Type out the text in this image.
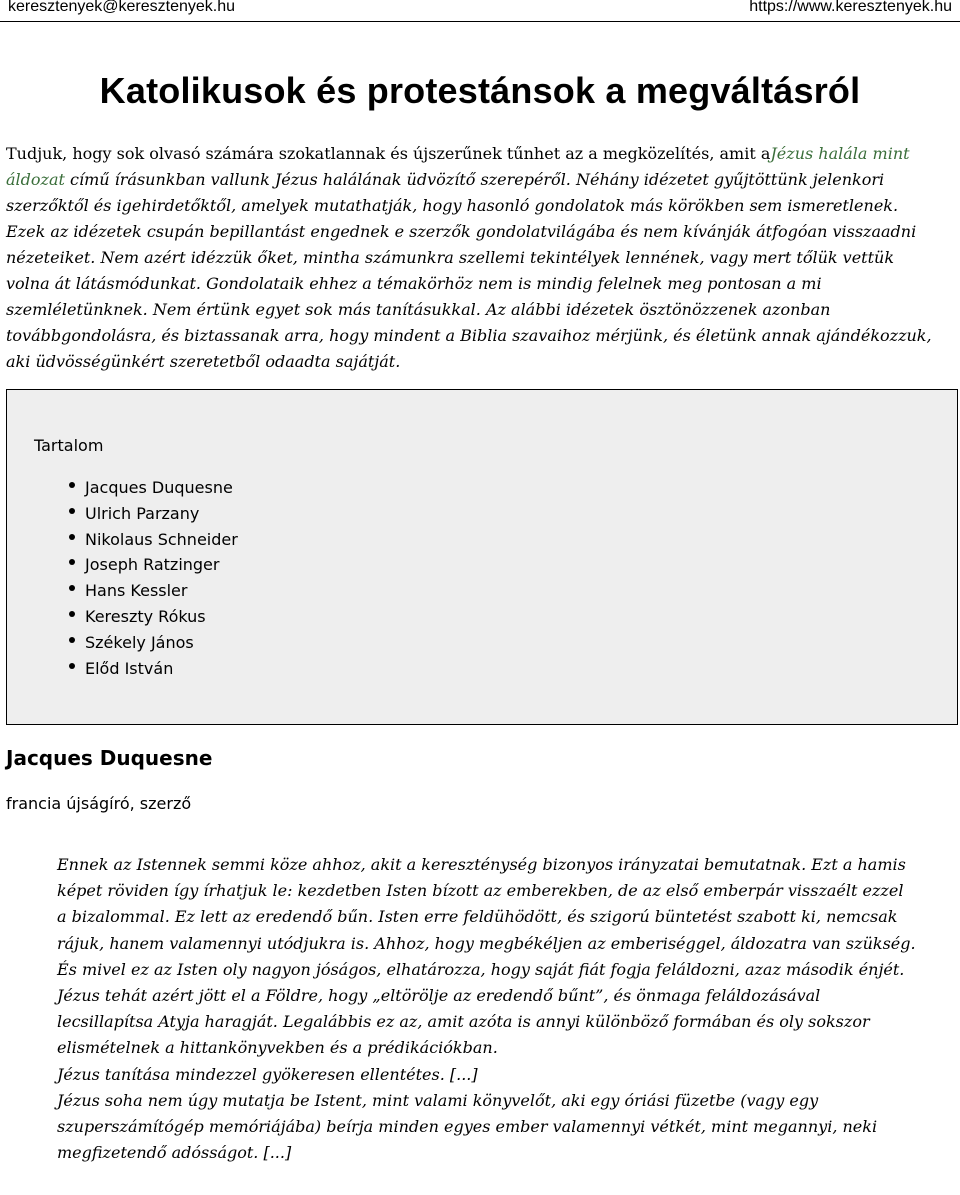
keresztenyek@keresztenyek.hu	https://www.keresztenyek.hu
Katolikusok és protestánsok a megváltásról

Tudjuk, hogy sok olvasó számára szokatlannak és újszerűnek tűnhet az a megközelítés, amit aJézus halála mint áldozat című írásunkban vallunk Jézus halálának üdvözítő szerepéről. Néhány idézetet gyűjtöttünk jelenkori szerzőktől és igehirdetőktől, amelyek mutathatják, hogy hasonló gondolatok más körökben sem ismeretlenek. Ezek az idézetek csupán bepillantást engednek e szerzők gondolatvilágába és nem kívánják átfogóan visszaadni nézeteiket. Nem azért idézzük őket, mintha számunkra szellemi tekintélyek lennének, vagy mert tőlük vettük volna át látásmódunkat. Gondolataik ehhez a témakörhöz nem is mindig felelnek meg pontosan a mi szemléletünknek. Nem értünk egyet sok más tanításukkal. Az alábbi idézetek ösztönözzenek azonban továbbgondolásra, és biztassanak arra, hogy mindent a Biblia szavaihoz mérjünk, és életünk annak ajándékozzuk, aki üdvösségünkért szeretetből odaadta sajátját.

Tartalom
Jacques Duquesne
Ulrich Parzany
Nikolaus Schneider
Joseph Ratzinger
Hans Kessler
Kereszty Rókus
Székely János
Előd István
Jacques Duquesne
francia újságíró, szerző
Ennek az Istennek semmi köze ahhoz, akit a kereszténység bizonyos irányzatai bemutatnak. Ezt a hamis képet röviden így írhatjuk le: kezdetben Isten bízott az emberekben, de az első emberpár visszaélt ezzel a bizalommal. Ez lett az eredendő bűn. Isten erre feldühödött, és szigorú büntetést szabott ki, nemcsak rájuk, hanem valamennyi utódjukra is. Ahhoz, hogy megbékéljen az emberiséggel, áldozatra van szükség. És mivel ez az Isten oly nagyon jóságos, elhatározza, hogy saját fiát fogja feláldozni, azaz második énjét. Jézus tehát azért jött el a Földre, hogy „eltörölje az eredendő bűnt”, és önmaga feláldozásával lecsillapítsa Atyja haragját. Legalábbis ez az, amit azóta is annyi különböző formában és oly sokszor elismételnek a hittankönyvekben és a prédikációkban.
Jézus tanítása mindezzel gyökeresen ellentétes. [...]
Jézus soha nem úgy mutatja be Istent, mint valami könyvelőt, aki egy óriási füzetbe (vagy egy szuperszámítógép memóriájába) beírja minden egyes ember valamennyi vétkét, mint megannyi, neki megfizetendő adósságot. [...]
